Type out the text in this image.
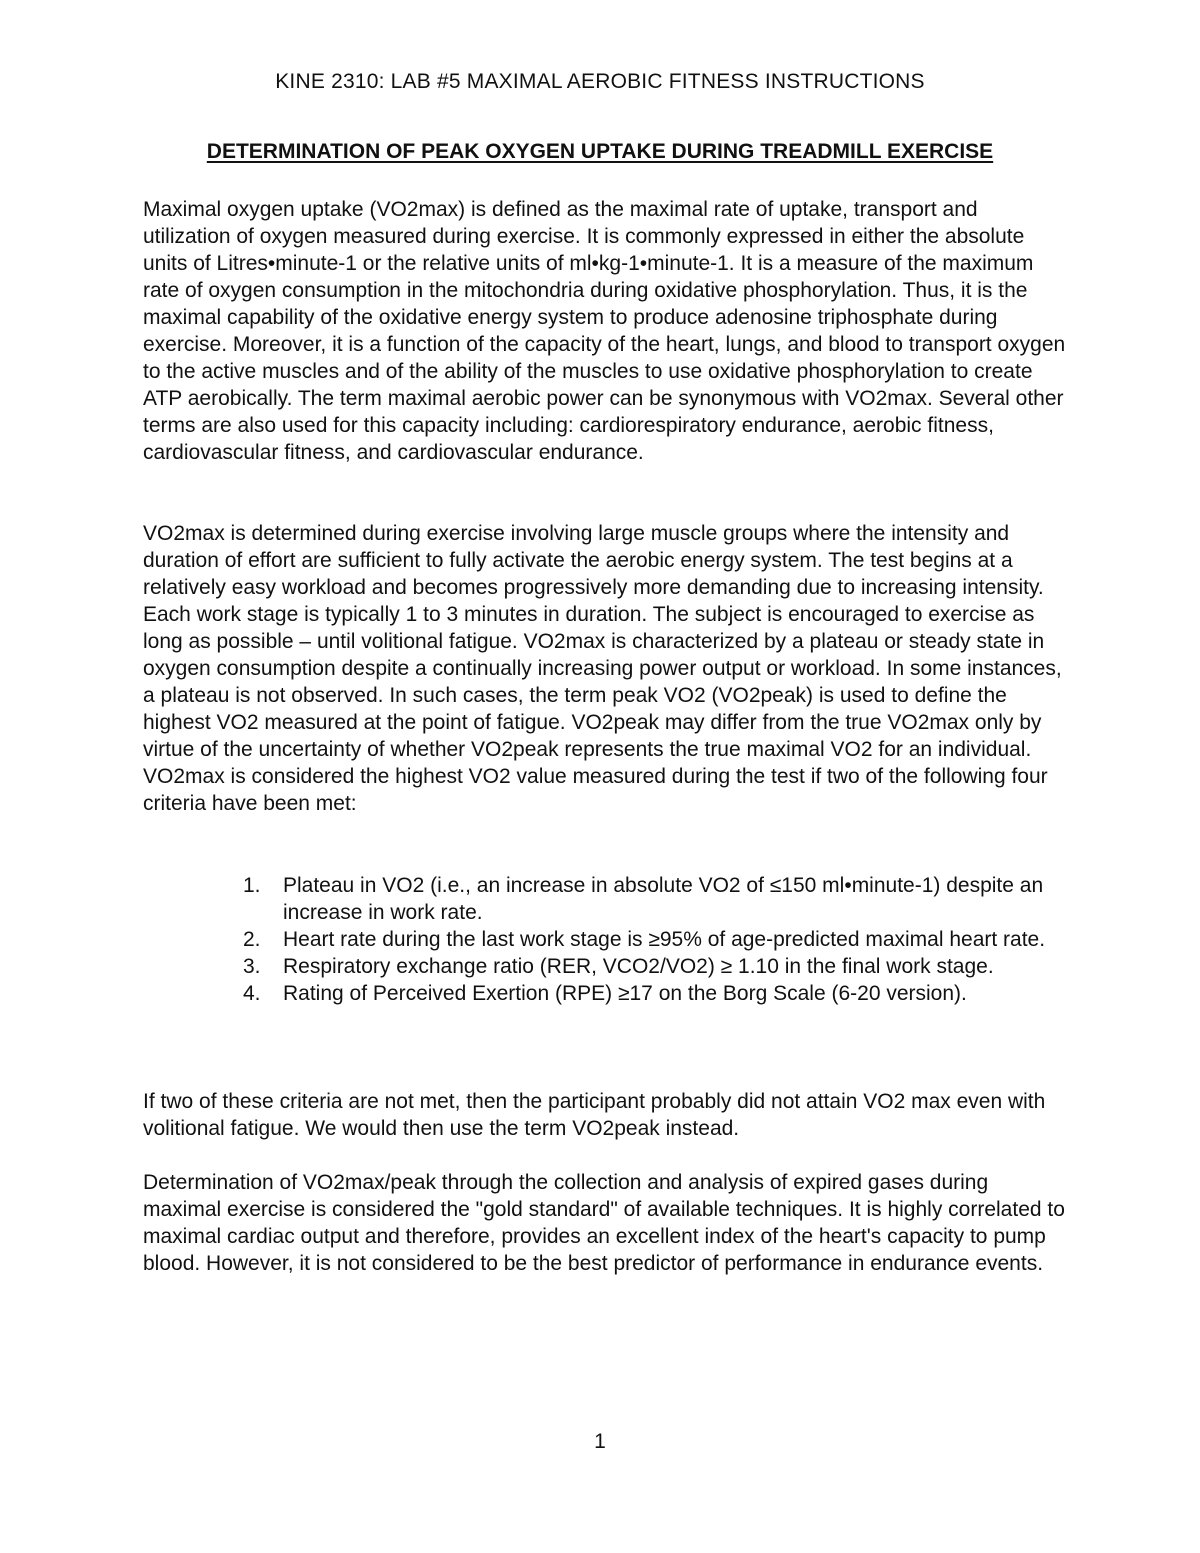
KINE 2310: LAB #5 MAXIMAL AEROBIC FITNESS INSTRUCTIONS
DETERMINATION OF PEAK OXYGEN UPTAKE DURING TREADMILL EXERCISE

Maximal oxygen uptake (VO2max) is defined as the maximal rate of uptake, transport and utilization of oxygen measured during exercise. It is commonly expressed in either the absolute units of Litres•minute-1 or the relative units of ml•kg-1•minute-1. It is a measure of the maximum rate of oxygen consumption in the mitochondria during oxidative phosphorylation. Thus, it is the maximal capability of the oxidative energy system to produce adenosine triphosphate during exercise. Moreover, it is a function of the capacity of the heart, lungs, and blood to transport oxygen to the active muscles and of the ability of the muscles to use oxidative phosphorylation to create ATP aerobically. The term maximal aerobic power can be synonymous with VO2max. Several other terms are also used for this capacity including: cardiorespiratory endurance, aerobic fitness, cardiovascular fitness, and cardiovascular endurance.

VO2max is determined during exercise involving large muscle groups where the intensity and duration of effort are sufficient to fully activate the aerobic energy system. The test begins at a relatively easy workload and becomes progressively more demanding due to increasing intensity. Each work stage is typically 1 to 3 minutes in duration. The subject is encouraged to exercise as long as possible – until volitional fatigue. VO2max is characterized by a plateau or steady state in oxygen consumption despite a continually increasing power output or workload. In some instances, a plateau is not observed. In such cases, the term peak VO2 (VO2peak) is used to define the highest VO2 measured at the point of fatigue. VO2peak may differ from the true VO2max only by virtue of the uncertainty of whether VO2peak represents the true maximal VO2 for an individual. VO2max is considered the highest VO2 value measured during the test if two of the following four criteria have been met:

1.	Plateau in VO2 (i.e., an increase in absolute VO2 of ≤150 ml•minute-1) despite an increase in work rate.
2.	Heart rate during the last work stage is ≥95% of age-predicted maximal heart rate.
3.	Respiratory exchange ratio (RER, VCO2/VO2) ≥ 1.10 in the final work stage.
4.	Rating of Perceived Exertion (RPE) ≥17 on the Borg Scale (6-20 version).

If two of these criteria are not met, then the participant probably did not attain VO2 max even with volitional fatigue. We would then use the term VO2peak instead.

Determination of VO2max/peak through the collection and analysis of expired gases during maximal exercise is considered the "gold standard" of available techniques. It is highly correlated to maximal cardiac output and therefore, provides an excellent index of the heart's capacity to pump blood. However, it is not considered to be the best predictor of performance in endurance events.

1
